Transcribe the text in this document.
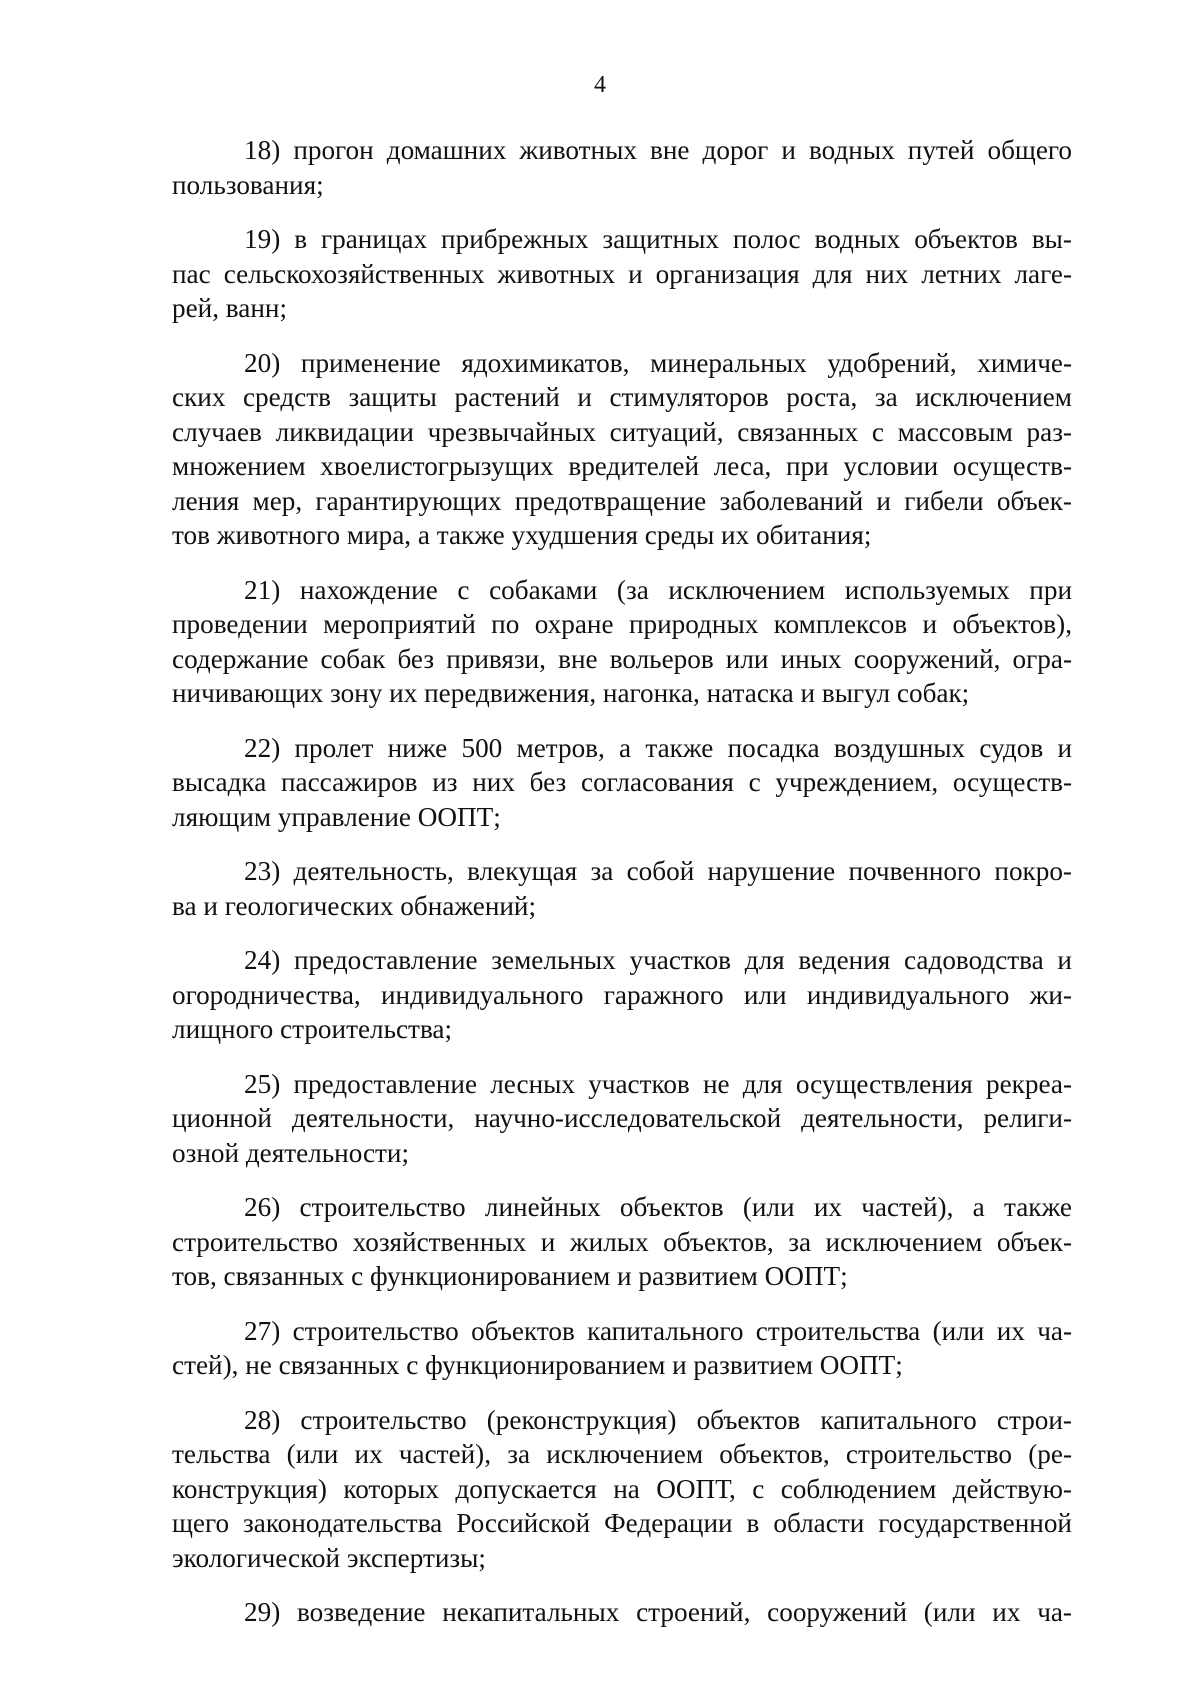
4
18) прогон домашних животных вне дорог и водных путей общего
пользования;
19) в границах прибрежных защитных полос водных объектов вы-
пас сельскохозяйственных животных и организация для них летних лаге-
рей, ванн;
20) применение ядохимикатов, минеральных удобрений, химиче-
ских средств защиты растений и стимуляторов роста, за исключением
случаев ликвидации чрезвычайных ситуаций, связанных с массовым раз-
множением хвоелистогрызущих вредителей леса, при условии осуществ-
ления мер, гарантирующих предотвращение заболеваний и гибели объек-
тов животного мира, а также ухудшения среды их обитания;
21) нахождение с собаками (за исключением используемых при
проведении мероприятий по охране природных комплексов и объектов),
содержание собак без привязи, вне вольеров или иных сооружений, огра-
ничивающих зону их передвижения, нагонка, натаска и выгул собак;
22) пролет ниже 500 метров, а также посадка воздушных судов и
высадка пассажиров из них без согласования с учреждением, осуществ-
ляющим управление ООПТ;
23) деятельность, влекущая за собой нарушение почвенного покро-
ва и геологических обнажений;
24) предоставление земельных участков для ведения садоводства и
огородничества, индивидуального гаражного или индивидуального жи-
лищного строительства;
25) предоставление лесных участков не для осуществления рекреа-
ционной деятельности, научно-исследовательской деятельности, религи-
озной деятельности;
26) строительство линейных объектов (или их частей), а также
строительство хозяйственных и жилых объектов, за исключением объек-
тов, связанных с функционированием и развитием ООПТ;
27) строительство объектов капитального строительства (или их ча-
стей), не связанных с функционированием и развитием ООПТ;
28) строительство (реконструкция) объектов капитального строи-
тельства (или их частей), за исключением объектов, строительство (ре-
конструкция) которых допускается на ООПТ, с соблюдением действую-
щего законодательства Российской Федерации в области государственной
экологической экспертизы;
29) возведение некапитальных строений, сооружений (или их ча-
